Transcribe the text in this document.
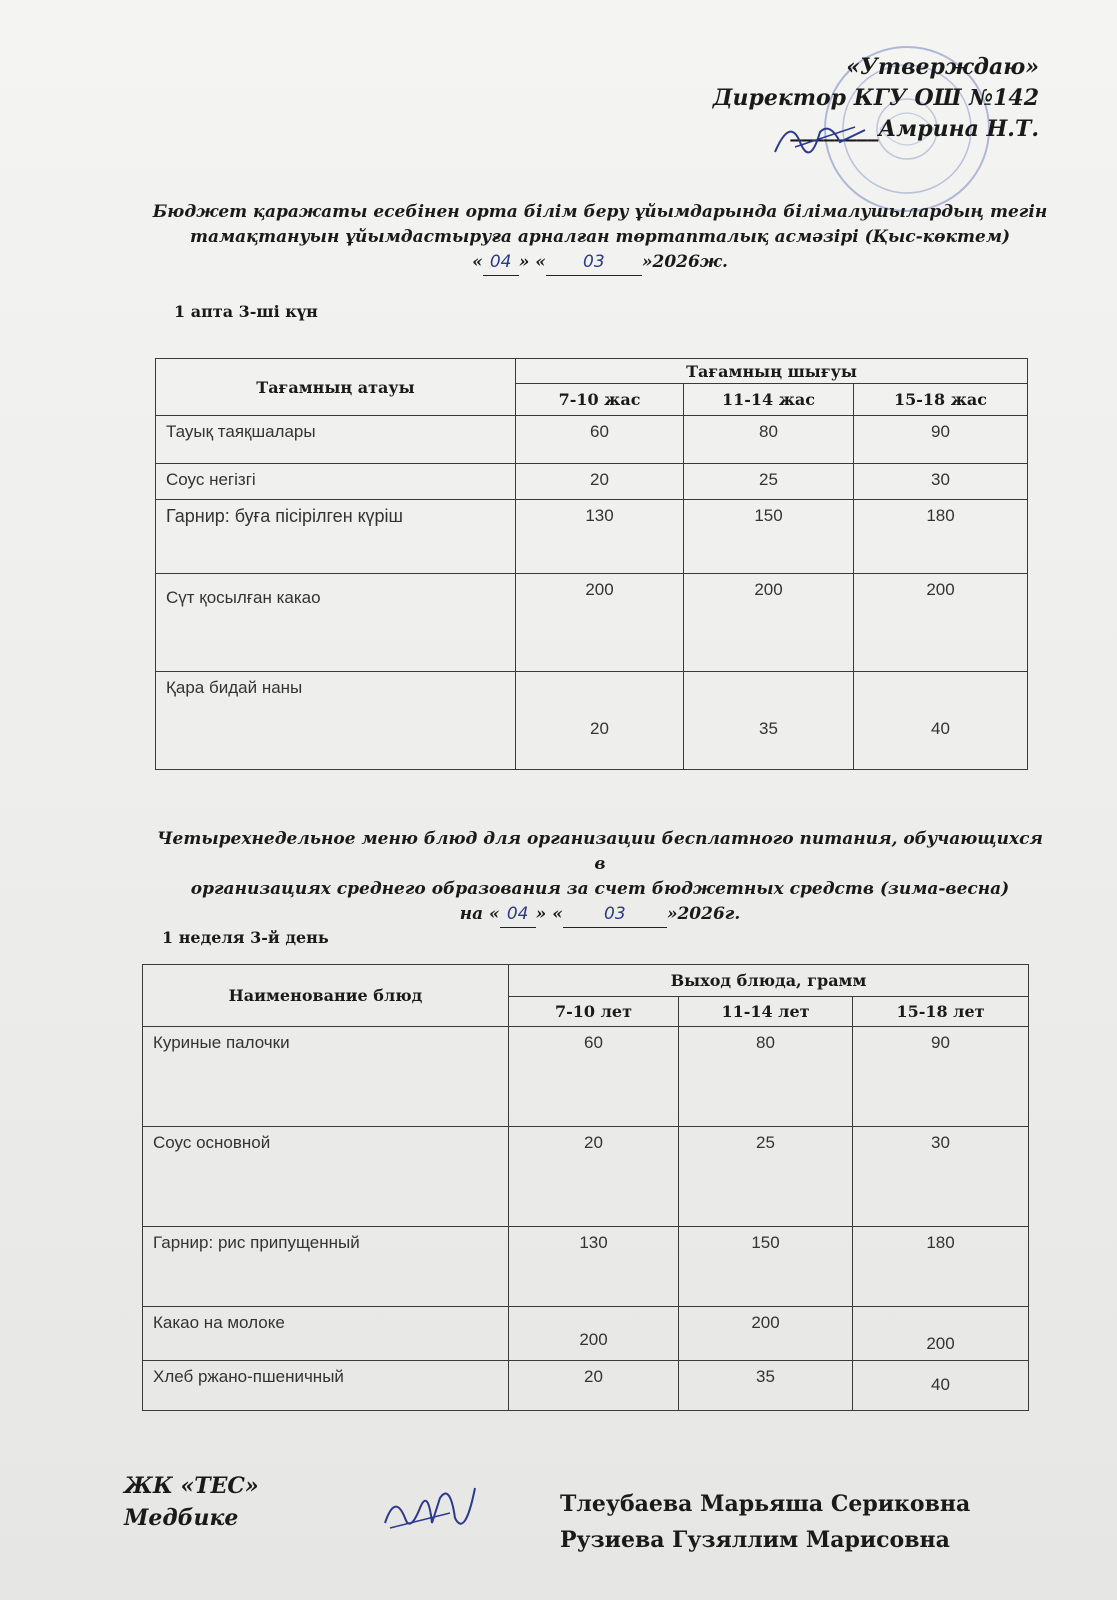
«Утверждаю»
Директор КГУ ОШ №142
________Амрина Н.Т.
Бюджет қаражаты есебінен орта білім беру ұйымдарында білімалушылардың тегін
тамақтануын ұйымдастыруға арналған төртапталық асмәзірі (Қыс-көктем)
« 04 » « 03 »2026ж.
1 апта 3-ші күн
Тағамның атауы	Тағамның шығуы		
	7-10 жас	11-14 жас	15-18 жас
Тауық таяқшалары	60	80	90
Соус негізгі	20	25	30
Гарнир: буға пісірілген күріш	130	150	180
Сүт қосылған какао	200	200	200
Қара бидай наны	20	35	40
Четырехнедельное меню блюд для организации бесплатного питания, обучающихся в
организациях среднего образования за счет бюджетных средств (зима-весна)
на « 04 » « 03 »2026г.
1 неделя 3-й день
Наименование блюд	Выход блюда, грамм		
	7-10 лет	11-14 лет	15-18 лет
Куриные палочки	60	80	90
Соус основной	20	25	30
Гарнир: рис припущенный	130	150	180
Какао на молоке	200	200	200
Хлеб ржано-пшеничный	20	35	40
ЖК «ТЕС»
Медбике
Тлеубаева Марьяша Сериковна
Рузиева Гузяллим Марисовна
